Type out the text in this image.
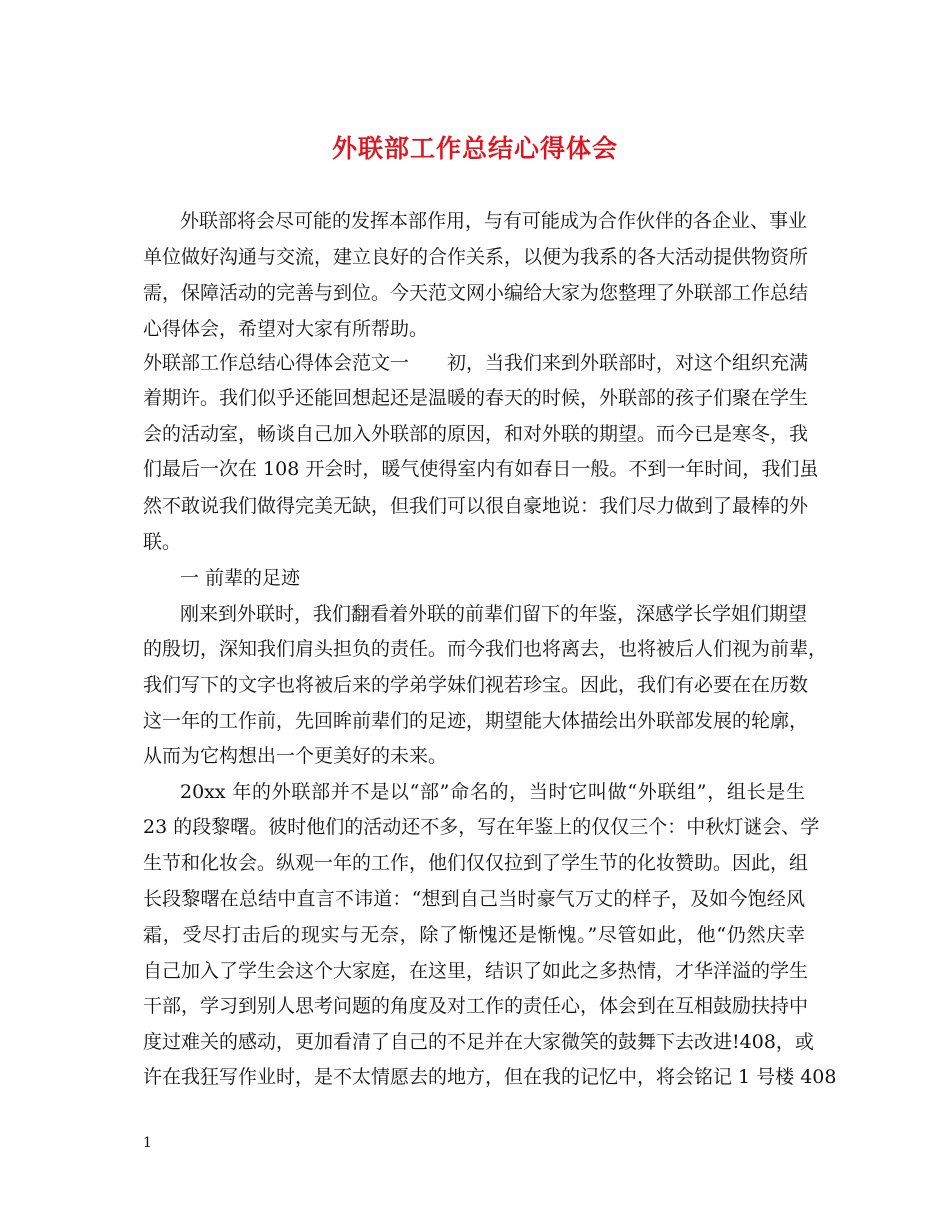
外联部工作总结心得体会
外联部将会尽可能的发挥本部作用，与有可能成为合作伙伴的各企业、事业
单位做好沟通与交流，建立良好的合作关系，以便为我系的各大活动提供物资所
需，保障活动的完善与到位。今天范文网小编给大家为您整理了外联部工作总结
心得体会，希望对大家有所帮助。
外联部工作总结心得体会范文一　　初，当我们来到外联部时，对这个组织充满
着期许。我们似乎还能回想起还是温暖的春天的时候，外联部的孩子们聚在学生
会的活动室，畅谈自己加入外联部的原因，和对外联的期望。而今已是寒冬，我
们最后一次在 108 开会时，暖气使得室内有如春日一般。不到一年时间，我们虽
然不敢说我们做得完美无缺，但我们可以很自豪地说：我们尽力做到了最棒的外
联。
一 前辈的足迹
刚来到外联时，我们翻看着外联的前辈们留下的年鉴，深感学长学姐们期望
的殷切，深知我们肩头担负的责任。而今我们也将离去，也将被后人们视为前辈，
我们写下的文字也将被后来的学弟学妹们视若珍宝。因此，我们有必要在在历数
这一年的工作前，先回眸前辈们的足迹，期望能大体描绘出外联部发展的轮廓，
从而为它构想出一个更美好的未来。
20xx 年的外联部并不是以“部”命名的，当时它叫做“外联组”，组长是生
23 的段黎曙。彼时他们的活动还不多，写在年鉴上的仅仅三个：中秋灯谜会、学
生节和化妆会。纵观一年的工作，他们仅仅拉到了学生节的化妆赞助。因此，组
长段黎曙在总结中直言不讳道：“想到自己当时豪气万丈的样子，及如今饱经风
霜，受尽打击后的现实与无奈，除了惭愧还是惭愧。”尽管如此，他“仍然庆幸
自己加入了学生会这个大家庭，在这里，结识了如此之多热情，才华洋溢的学生
干部，学习到别人思考问题的角度及对工作的责任心，体会到在互相鼓励扶持中
度过难关的感动，更加看清了自己的不足并在大家微笑的鼓舞下去改进!408，或
许在我狂写作业时，是不太情愿去的地方，但在我的记忆中，将会铭记 1 号楼 408
1
